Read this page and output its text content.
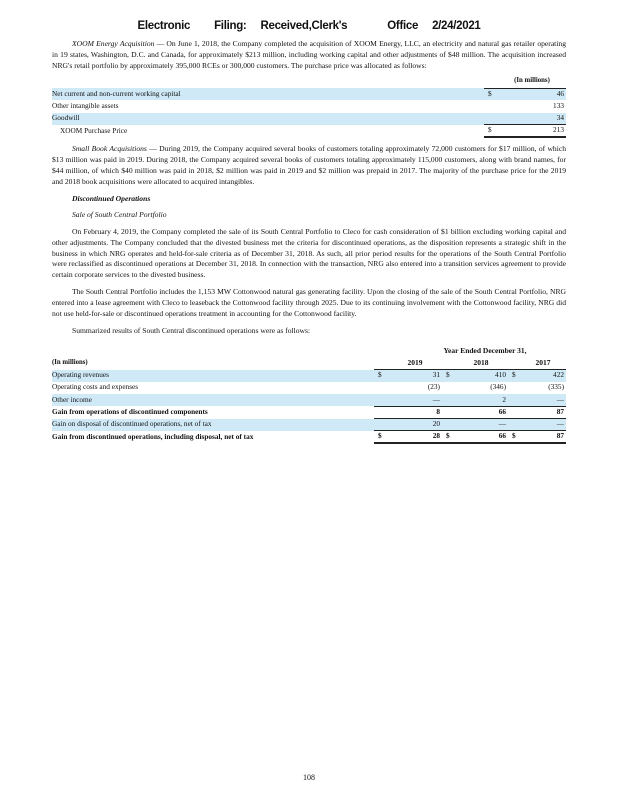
Electronic Filing: Received,Clerk's	Office 2/24/2021

XOOM Energy Acquisition — On June 1, 2018, the Company completed the acquisition of XOOM Energy, LLC, an electricity and natural gas retailer operating in 19 states, Washington, D.C. and Canada, for approximately $213 million, including working capital and other adjustments of $48 million. The acquisition increased NRG's retail portfolio by approximately 395,000 RCEs or 300,000 customers. The purchase price was allocated as follows:

		(In millions)
Net current and non-current working capital	$	46
Other intangible assets		133
Goodwill		34
XOOM Purchase Price	$	213

Small Book Acquisitions — During 2019, the Company acquired several books of customers totaling approximately 72,000 customers for $17 million, of which $13 million was paid in 2019. During 2018, the Company acquired several books of customers totaling approximately 115,000 customers, along with brand names, for $44 million, of which $40 million was paid in 2018, $2 million was paid in 2019 and $2 million was prepaid in 2017. The majority of the purchase price for the 2019 and 2018 book acquisitions were allocated to acquired intangibles.

Discontinued Operations
Sale of South Central Portfolio

On February 4, 2019, the Company completed the sale of its South Central Portfolio to Cleco for cash consideration of $1 billion excluding working capital and other adjustments. The Company concluded that the divested business met the criteria for discontinued operations, as the disposition represents a strategic shift in the business in which NRG operates and held-for-sale criteria as of December 31, 2018. As such, all prior period results for the operations of the South Central Portfolio were reclassified as discontinued operations at December 31, 2018. In connection with the transaction, NRG also entered into a transition services agreement to provide certain corporate services to the divested business.

The South Central Portfolio includes the 1,153 MW Cottonwood natural gas generating facility. Upon the closing of the sale of the South Central Portfolio, NRG entered into a lease agreement with Cleco to leaseback the Cottonwood facility through 2025. Due to its continuing involvement with the Cottonwood facility, NRG did not use held-for-sale or discontinued operations treatment in accounting for the Cottonwood facility.

Summarized results of South Central discontinued operations were as follows:

	Year Ended December 31,					
(In millions)		2019		2018		2017
Operating revenues	$	31	$	410	$	422
Operating costs and expenses		(23)		(346)		(335)
Other income		—		2		—
Gain from operations of discontinued components		8		66		87
Gain on disposal of discontinued operations, net of tax		20		—		—
Gain from discontinued operations, including disposal, net of tax	$	28	$	66	$	87
108
